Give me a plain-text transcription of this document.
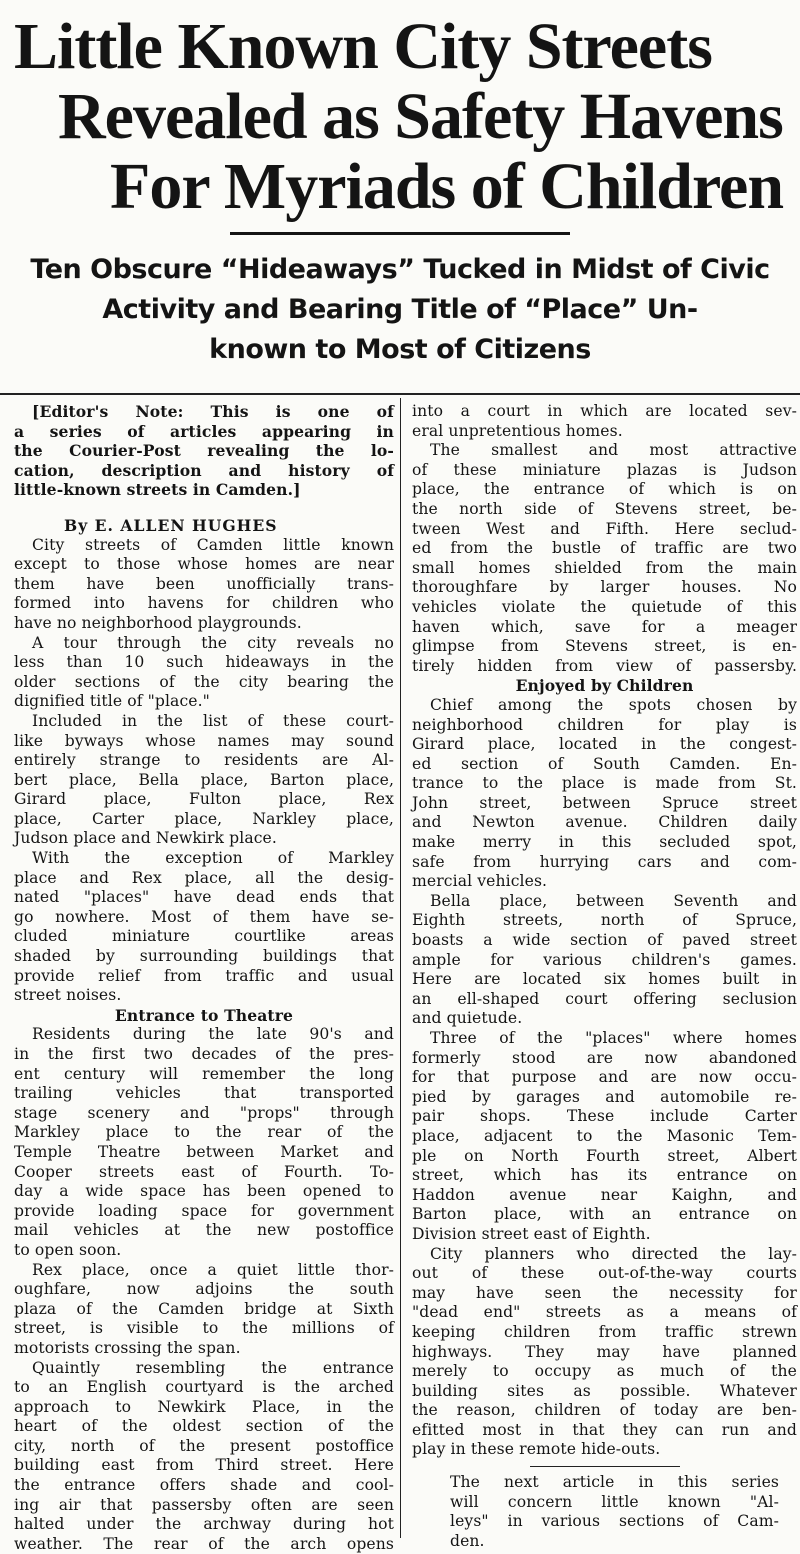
Little Known City Streets
Revealed as Safety Havens
For Myriads of Children
Ten Obscure “Hideaways” Tucked in Midst of Civic
Activity and Bearing Title of “Place” Un-
known to Most of Citizens
[Editor's Note: This is one of
a series of articles appearing in
the Courier-Post revealing the lo-
cation, description and history of
little-known streets in Camden.]
By E. ALLEN HUGHES
City streets of Camden little known
except to those whose homes are near
them have been unofficially trans-
formed into havens for children who
have no neighborhood playgrounds.
A tour through the city reveals no
less than 10 such hideaways in the
older sections of the city bearing the
dignified title of "place."
Included in the list of these court-
like byways whose names may sound
entirely strange to residents are Al-
bert place, Bella place, Barton place,
Girard place, Fulton place, Rex
place, Carter place, Narkley place,
Judson place and Newkirk place.
With the exception of Markley
place and Rex place, all the desig-
nated "places" have dead ends that
go nowhere. Most of them have se-
cluded miniature courtlike areas
shaded by surrounding buildings that
provide relief from traffic and usual
street noises.
Entrance to Theatre
Residents during the late 90's and
in the first two decades of the pres-
ent century will remember the long
trailing vehicles that transported
stage scenery and "props" through
Markley place to the rear of the
Temple Theatre between Market and
Cooper streets east of Fourth. To-
day a wide space has been opened to
provide loading space for government
mail vehicles at the new postoffice
to open soon.
Rex place, once a quiet little thor-
oughfare, now adjoins the south
plaza of the Camden bridge at Sixth
street, is visible to the millions of
motorists crossing the span.
Quaintly resembling the entrance
to an English courtyard is the arched
approach to Newkirk Place, in the
heart of the oldest section of the
city, north of the present postoffice
building east from Third street. Here
the entrance offers shade and cool-
ing air that passersby often are seen
halted under the archway during hot
weather. The rear of the arch opens
into a court in which are located sev-
eral unpretentious homes.
The smallest and most attractive
of these miniature plazas is Judson
place, the entrance of which is on
the north side of Stevens street, be-
tween West and Fifth. Here seclud-
ed from the bustle of traffic are two
small homes shielded from the main
thoroughfare by larger houses. No
vehicles violate the quietude of this
haven which, save for a meager
glimpse from Stevens street, is en-
tirely hidden from view of passersby.
Enjoyed by Children
Chief among the spots chosen by
neighborhood children for play is
Girard place, located in the congest-
ed section of South Camden. En-
trance to the place is made from St.
John street, between Spruce street
and Newton avenue. Children daily
make merry in this secluded spot,
safe from hurrying cars and com-
mercial vehicles.
Bella place, between Seventh and
Eighth streets, north of Spruce,
boasts a wide section of paved street
ample for various children's games.
Here are located six homes built in
an ell-shaped court offering seclusion
and quietude.
Three of the "places" where homes
formerly stood are now abandoned
for that purpose and are now occu-
pied by garages and automobile re-
pair shops. These include Carter
place, adjacent to the Masonic Tem-
ple on North Fourth street, Albert
street, which has its entrance on
Haddon avenue near Kaighn, and
Barton place, with an entrance on
Division street east of Eighth.
City planners who directed the lay-
out of these out-of-the-way courts
may have seen the necessity for
"dead end" streets as a means of
keeping children from traffic strewn
highways. They may have planned
merely to occupy as much of the
building sites as possible. Whatever
the reason, children of today are ben-
efitted most in that they can run and
play in these remote hide-outs.
The next article in this series
will concern little known "Al-
leys" in various sections of Cam-
den.
